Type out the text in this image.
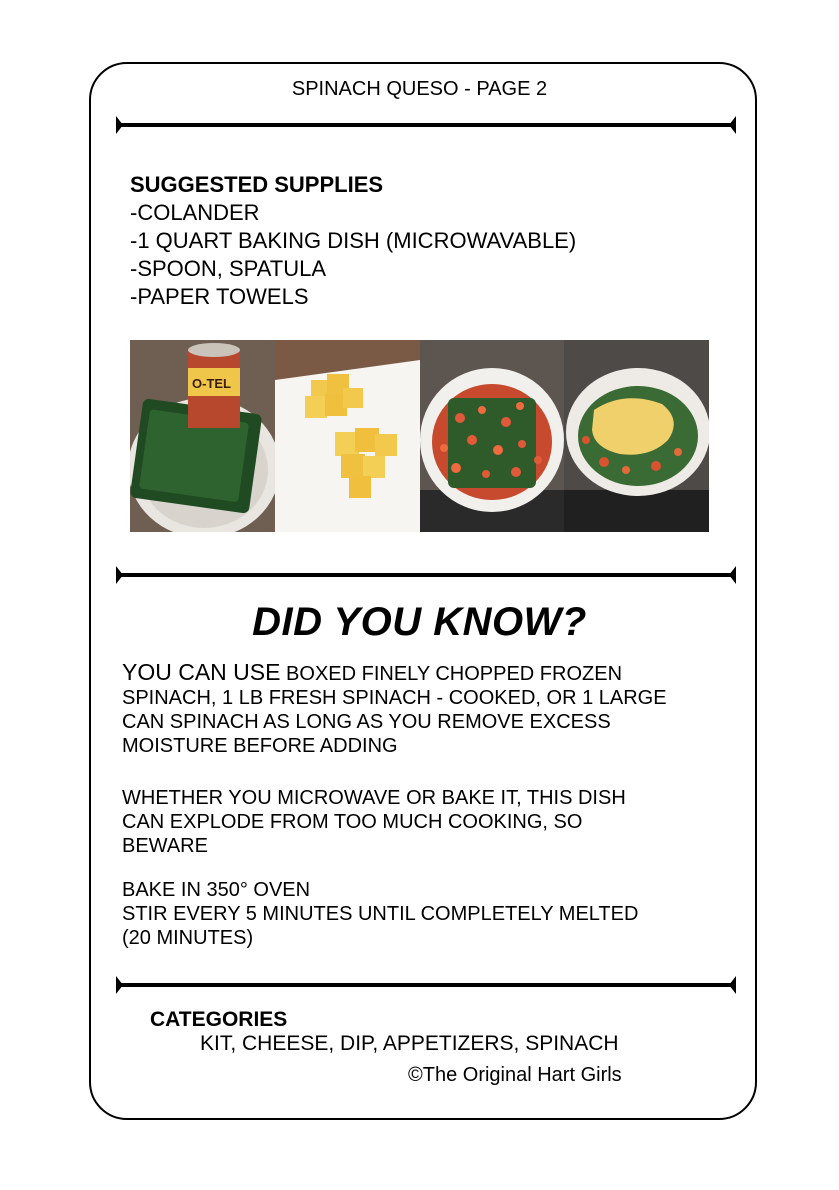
SPINACH QUESO - PAGE 2
SUGGESTED SUPPLIES
-COLANDER
-1 QUART BAKING DISH (MICROWAVABLE)
-SPOON, SPATULA
-PAPER TOWELS
O-TEL
DID YOU KNOW?
YOU CAN USE BOXED FINELY CHOPPED FROZEN
SPINACH, 1 LB FRESH SPINACH - COOKED, OR 1 LARGE
CAN SPINACH AS LONG AS YOU REMOVE EXCESS
MOISTURE BEFORE ADDING
WHETHER YOU MICROWAVE OR BAKE IT, THIS DISH
CAN EXPLODE FROM TOO MUCH COOKING, SO
BEWARE
BAKE IN 350° OVEN
STIR EVERY 5 MINUTES UNTIL COMPLETELY MELTED
(20 MINUTES)
CATEGORIES
KIT, CHEESE, DIP, APPETIZERS, SPINACH
©The Original Hart Girls
